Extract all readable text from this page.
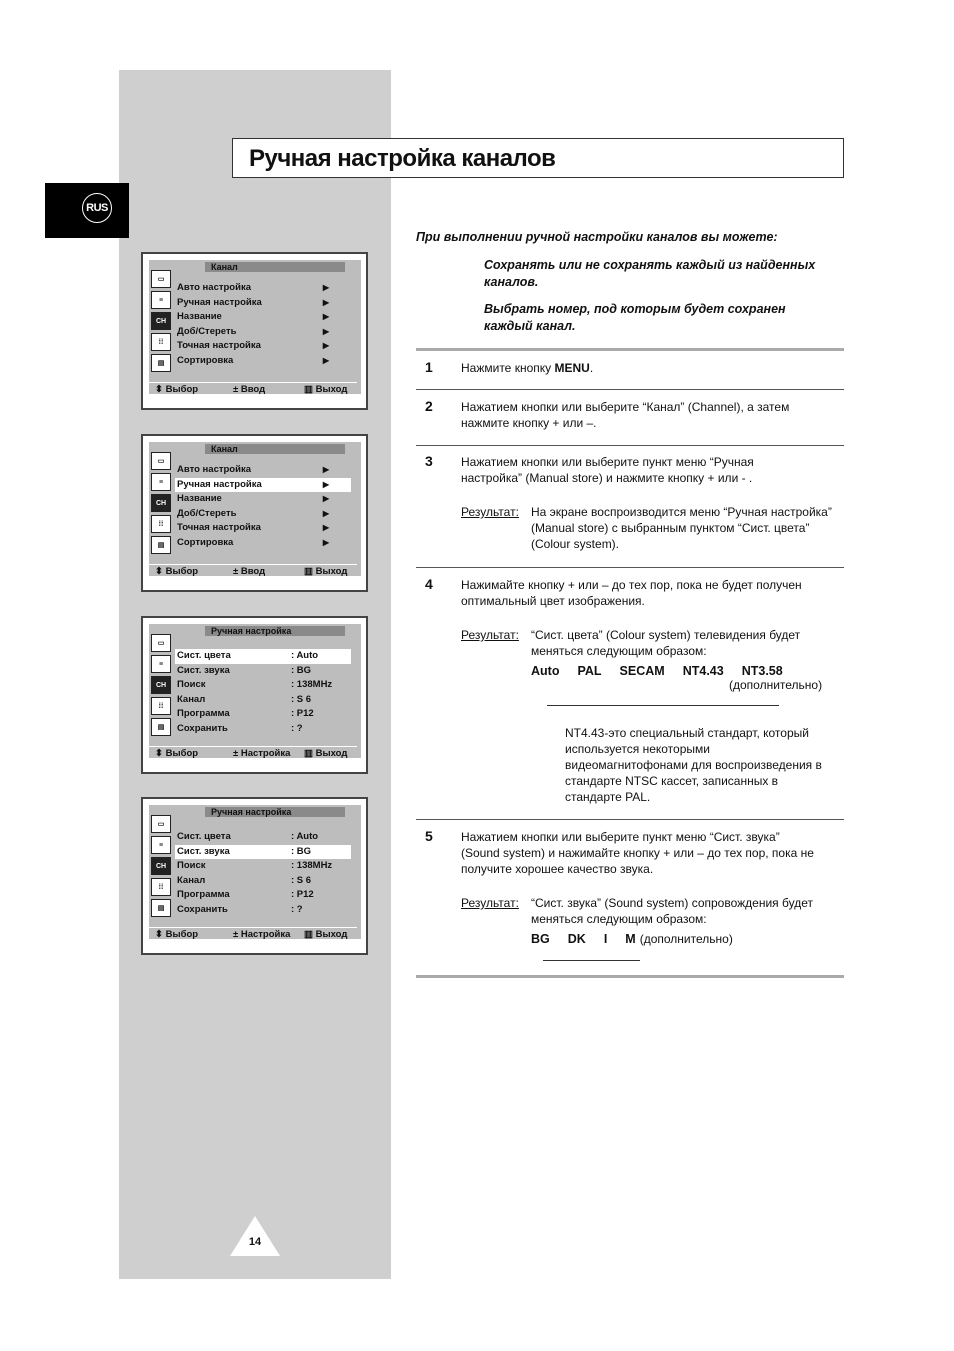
RUS
Ручная настройка каналов
▭
≡
CH
⁞⁞
▤
Канал
Авто настройка	▶
Ручная настройка	▶
Название	▶
Доб/Стереть	▶
Точная настройка	▶
Сортировка	▶
⬍ Выбор	± Ввод	▥ Выход
▭
≡
CH
⁞⁞
▤
Канал
Авто настройка	▶
Ручная настройка	▶
Название	▶
Доб/Стереть	▶
Точная настройка	▶
Сортировка	▶
⬍ Выбор	± Ввод	▥ Выход
▭
≡
CH
⁞⁞
▤
Ручная настройка
Сист. цвета	: Auto
Сист. звука	: BG
Поиск	: 138MHz
Канал	: S 6
Программа	: P12
Сохранить	: ?
⬍ Выбор	± Настройка ▥ Выход
▭
≡
CH
⁞⁞
▤
Ручная настройка
Сист. цвета	: Auto
Сист. звука	: BG
Поиск	: 138MHz
Канал	: S 6
Программа	: P12
Сохранить	: ?
⬍ Выбор	± Настройка ▥ Выход
При выполнении ручной настройки каналов вы можете:
Сохранять или не сохранять каждый из найденных каналов.
Выбрать номер, под которым будет сохранен каждый канал.
1 Нажмите кнопку MENU.
2 Нажатием кнопки или выберите “Канал” (Channel), а затем
нажмите кнопку + или –.
3 Нажатием кнопки или выберите пункт меню “Ручная
настройка” (Manual store) и нажмите кнопку + или - .
Результат: На экране воспроизводится меню “Ручная настройка” (Manual store) с выбранным пунктом “Сист. цвета” (Colour system).
4 Нажимайте кнопку + или – до тех пор, пока не будет получен
оптимальный цвет изображения.
Результат: “Сист. цвета” (Colour system) телевидения будет меняться следующим образом:
Auto PAL SECAM NT4.43 NT3.58
(дополнительно)
NT4.43-это специальный стандарт, который используется некоторыми видеомагнитофонами для воспроизведения в стандарте NTSC кассет, записанных в стандарте PAL.
5 Нажатием кнопки или выберите пункт меню “Сист. звука”
(Sound system) и нажимайте кнопку + или – до тех пор, пока не
получите хорошее качество звука.
Результат: “Сист. звука” (Sound system) сопровождения будет меняться следующим образом:
BG DK I M (дополнительно)
14
